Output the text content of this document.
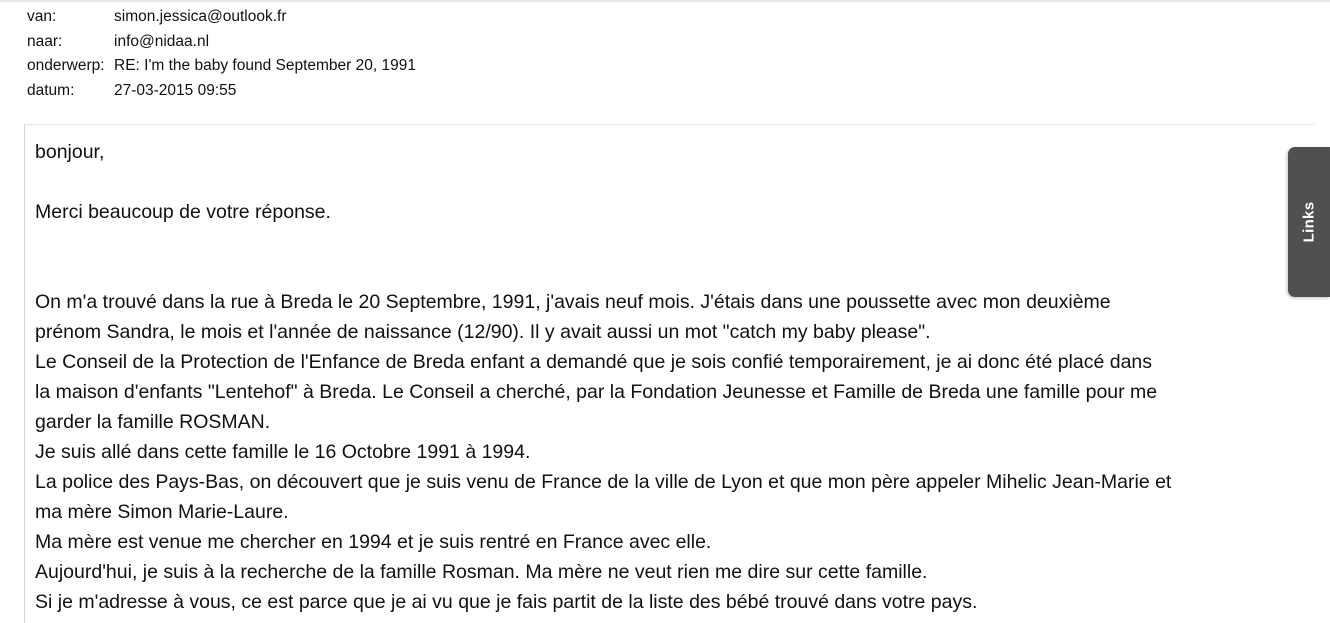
van:	simon.jessica@outlook.fr
naar:	info@nidaa.nl
onderwerp: RE: I'm the baby found September 20, 1991
datum:	27-03-2015 09:55

bonjour,

Merci beaucoup de votre réponse.

On m'a trouvé dans la rue à Breda le 20 Septembre, 1991, j'avais neuf mois. J'étais dans une poussette avec mon deuxième

prénom Sandra, le mois et l'année de naissance (12/90). Il y avait aussi un mot "catch my baby please".

Le Conseil de la Protection de l'Enfance de Breda enfant a demandé que je sois confié temporairement, je ai donc été placé dans

la maison d'enfants "Lentehof" à Breda. Le Conseil a cherché, par la Fondation Jeunesse et Famille de Breda une famille pour me

garder la famille ROSMAN.

Je suis allé dans cette famille le 16 Octobre 1991 à 1994.

La police des Pays-Bas, on découvert que je suis venu de France de la ville de Lyon et que mon père appeler Mihelic Jean-Marie et

ma mère Simon Marie-Laure.

Ma mère est venue me chercher en 1994 et je suis rentré en France avec elle.

Aujourd'hui, je suis à la recherche de la famille Rosman. Ma mère ne veut rien me dire sur cette famille.

Si je m'adresse à vous, ce est parce que je ai vu que je fais partit de la liste des bébé trouvé dans votre pays.

Links
